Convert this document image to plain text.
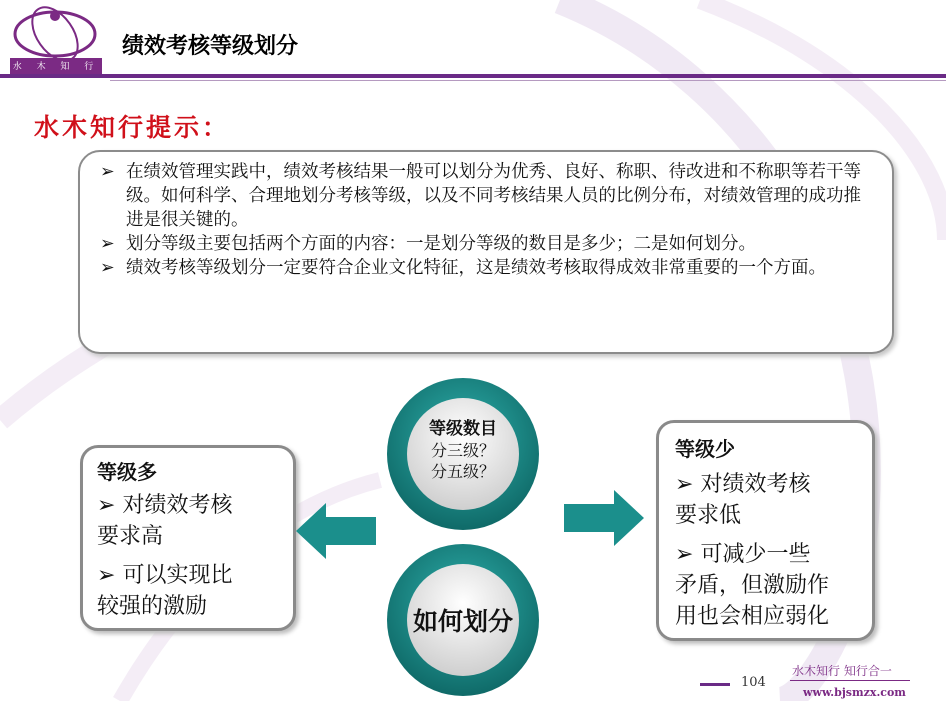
水 木 知 行
绩效考核等级划分
水木知行提示：
➢ 在绩效管理实践中，绩效考核结果一般可以划分为优秀、良好、称职、待改进和不称职等若干等级。如何科学、合理地划分考核等级，以及不同考核结果人员的比例分布，对绩效管理的成功推进是很关键的。
➢ 划分等级主要包括两个方面的内容：一是划分等级的数目是多少；二是如何划分。
➢ 绩效考核等级划分一定要符合企业文化特征，这是绩效考核取得成效非常重要的一个方面。
等级多
➢ 对绩效考核
要求高
➢ 可以实现比
较强的激励
等级少
➢ 对绩效考核
要求低
➢ 可减少一些
矛盾，但激励作
用也会相应弱化
等级数目
分三级？
分五级？
如何划分
104
水木知行 知行合一
www.bjsmzx.com
